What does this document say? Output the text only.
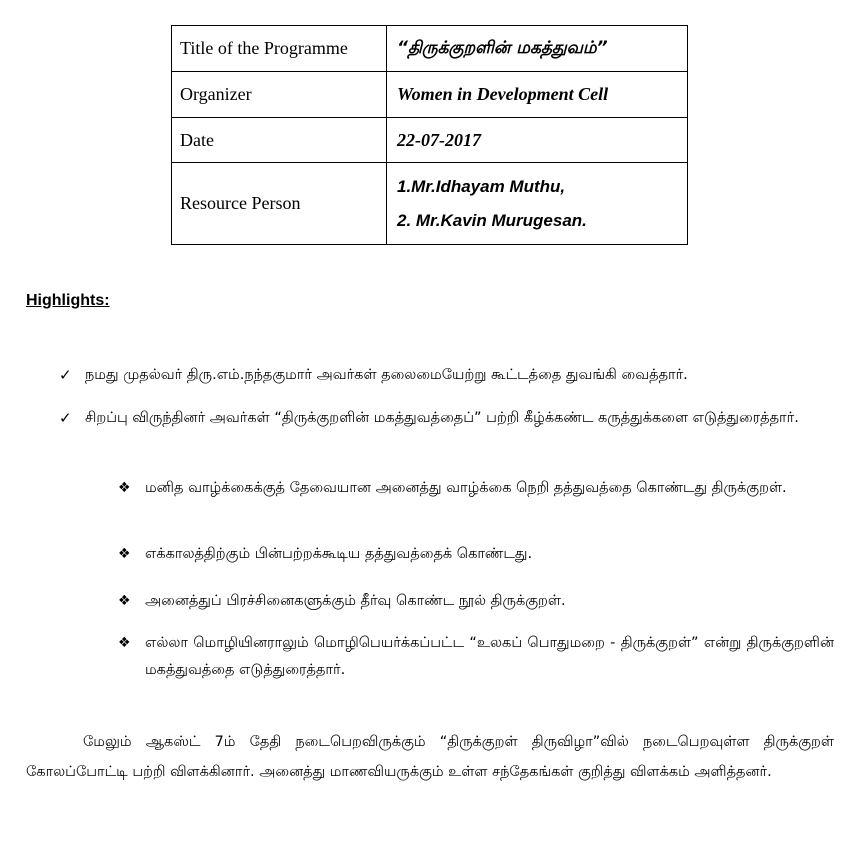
Title of the Programme	“திருக்குறளின் மகத்துவம்”
Organizer	Women in Development Cell
Date	22-07-2017
Resource Person	1.Mr.Idhayam Muthu,
2. Mr.Kavin Murugesan.
Highlights:
✓ நமது முதல்வர் திரு.எம்.நந்தகுமார் அவர்கள் தலைமையேற்று கூட்டத்தை துவங்கி வைத்தார்.
✓ சிறப்பு விருந்தினர் அவர்கள் “திருக்குறளின் மகத்துவத்தைப்” பற்றி கீழ்க்கண்ட கருத்துக்களை எடுத்துரைத்தார்.
❖ மனித வாழ்க்கைக்குத் தேவையான அனைத்து வாழ்க்கை நெறி தத்துவத்தை கொண்டது திருக்குறள்.
❖ எக்காலத்திற்கும் பின்பற்றக்கூடிய தத்துவத்தைக் கொண்டது.
❖ அனைத்துப் பிரச்சினைகளுக்கும் தீர்வு கொண்ட நூல் திருக்குறள்.
❖ எல்லா மொழியினராலும் மொழிபெயர்க்கப்பட்ட “உலகப் பொதுமறை - திருக்குறள்” என்று திருக்குறளின் மகத்துவத்தை எடுத்துரைத்தார்.
மேலும் ஆகஸ்ட் 7ம் தேதி நடைபெறவிருக்கும் “திருக்குறள் திருவிழா”வில் நடைபெறவுள்ள திருக்குறள் கோலப்போட்டி பற்றி விளக்கினார். அனைத்து மாணவியருக்கும் உள்ள சந்தேகங்கள் குறித்து விளக்கம் அளித்தனர்.
